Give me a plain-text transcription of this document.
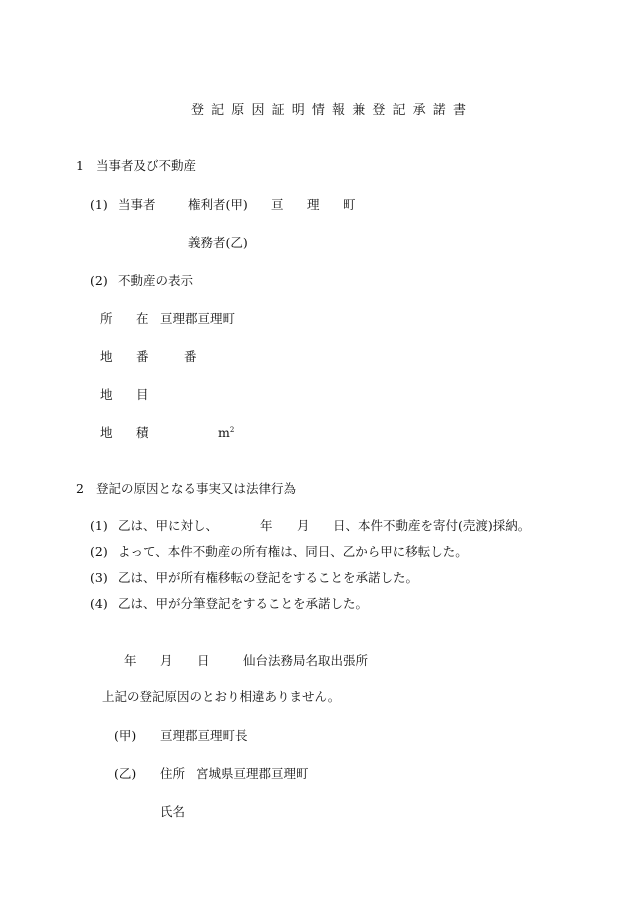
登記原因証明情報兼登記承諾書
1 当事者及び不動産
(1) 当事者	権利者(甲) 亘 理 町
義務者(乙)
(2) 不動産の表示
所 在 亘理郡亘理町
地 番	番
地 目
地 積	$m^2$
2 登記の原因となる事実又は法律行為
(1) 乙は、甲に対し、	年 月 日、本件不動産を寄付(売渡)採納。
(2) よって、本件不動産の所有権は、同日、乙から甲に移転した。
(3) 乙は、甲が所有権移転の登記をすることを承諾した。
(4) 乙は、甲が分筆登記をすることを承諾した。
年 月 日	仙台法務局名取出張所
上記の登記原因のとおり相違ありません。
(甲) 亘理郡亘理町長
(乙) 住所 宮城県亘理郡亘理町
氏名
